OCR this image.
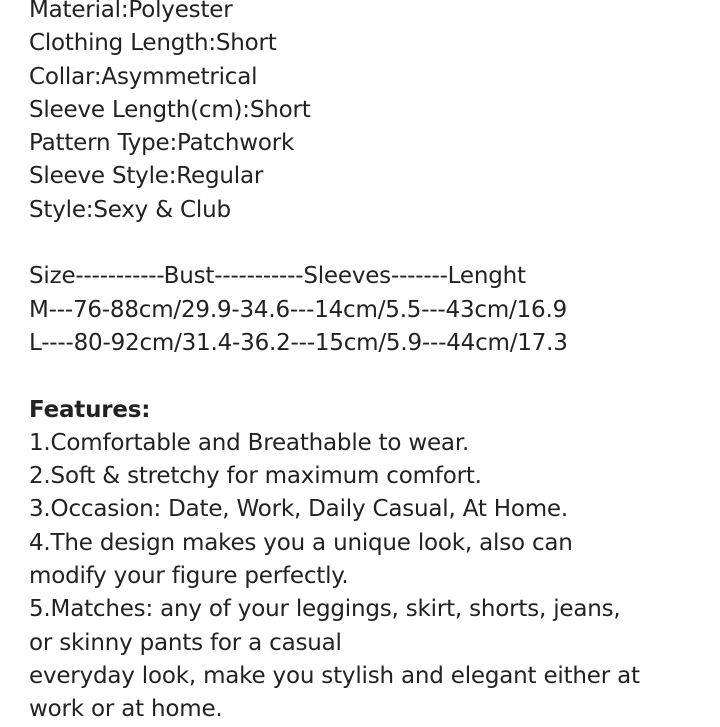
Material:Polyester
Clothing Length:Short
Collar:Asymmetrical
Sleeve Length(cm):Short
Pattern Type:Patchwork
Sleeve Style:Regular
Style:Sexy & Club
Size-----------Bust-----------Sleeves-------Lenght
M---76-88cm/29.9-34.6---14cm/5.5---43cm/16.9
L----80-92cm/31.4-36.2---15cm/5.9---44cm/17.3
Features:
1.Comfortable and Breathable to wear.
2.Soft & stretchy for maximum comfort.
3.Occasion: Date, Work, Daily Casual, At Home.
4.The design makes you a unique look, also can
modify your figure perfectly.
5.Matches: any of your leggings, skirt, shorts, jeans,
or skinny pants for a casual
everyday look, make you stylish and elegant either at
work or at home.
